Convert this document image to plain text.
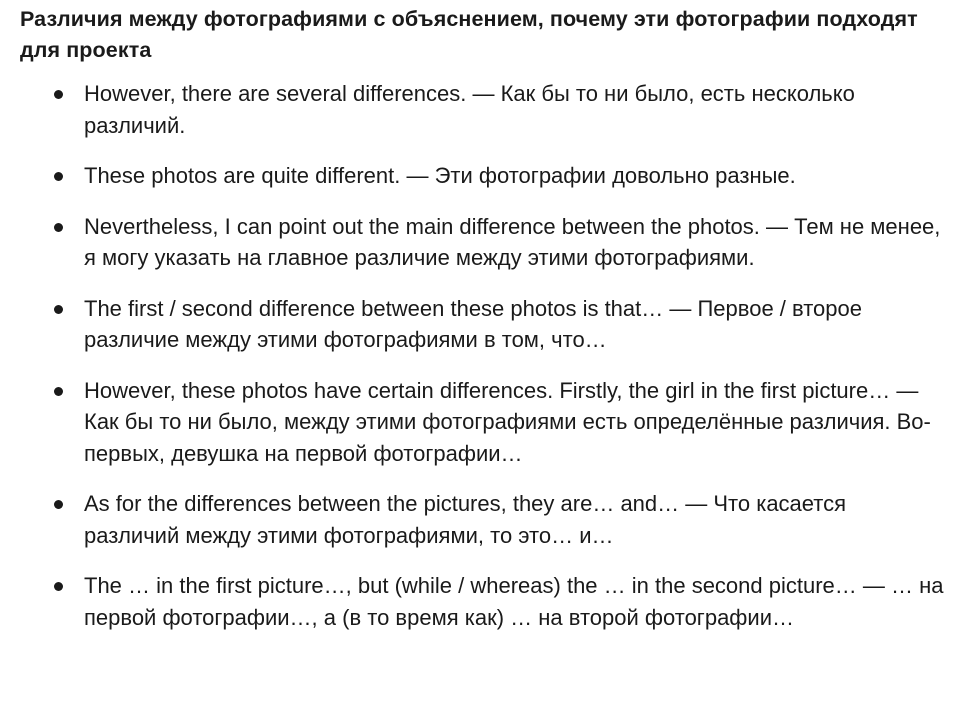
Различия между фотографиями с объяснением, почему эти фотографии подходят для проекта
However, there are several differences. — Как бы то ни было, есть несколько различий.
These photos are quite different. — Эти фотографии довольно разные.
Nevertheless, I can point out the main difference between the photos. — Тем не менее, я могу указать на главное различие между этими фотографиями.
The first / second difference between these photos is that… — Первое / второе различие между этими фотографиями в том, что…
However, these photos have certain differences. Firstly, the girl in the first picture… — Как бы то ни было, между этими фотографиями есть определённые различия. Во-первых, девушка на первой фотографии…
As for the differences between the pictures, they are… and… — Что касается различий между этими фотографиями, то это… и…
The … in the first picture…, but (while / whereas) the … in the second picture… — … на первой фотографии…, а (в то время как) … на второй фотографии…
